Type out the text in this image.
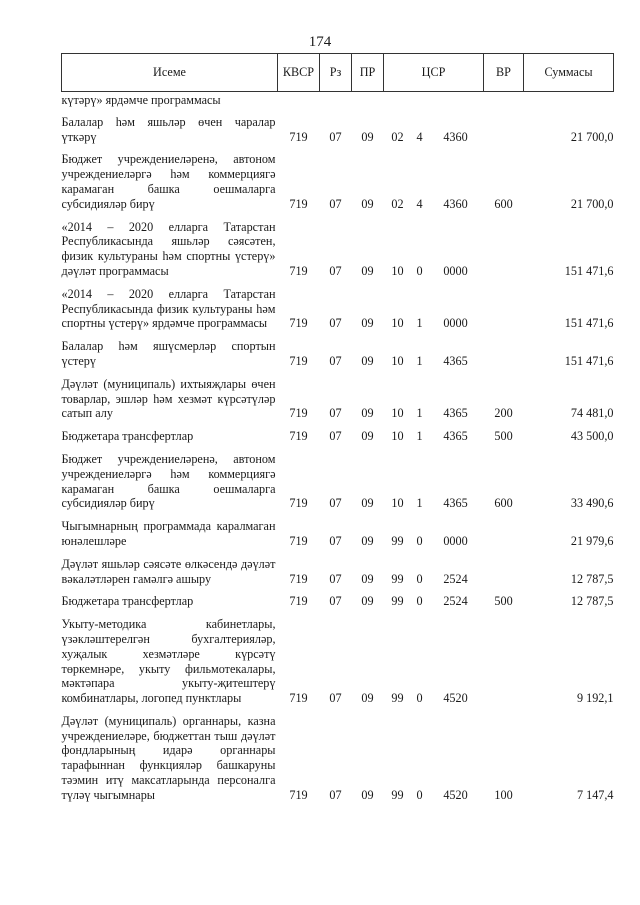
174
Исеме	КВСР	Рз	ПР	ЦСР			ВР	Суммасы
күтәрү» ярдәмче программасы								
Балалар һәм яшьләр өчен чаралар үткәрү	719	07	09	02	4	4360		21 700,0
Бюджет учреждениеләренә, автоном учреждениеләргә һәм коммерциягә карамаган башка оешмаларга субсидияләр бирү	719	07	09	02	4	4360	600	21 700,0
«2014 – 2020 елларга Татарстан Республикасында яшьләр сәясәтен, физик культураны һәм спортны үстерү» дәүләт программасы	719	07	09	10	0	0000		151 471,6
«2014 – 2020 елларга Татарстан Республикасында физик культураны һәм спортны үстерү» ярдәмче программасы	719	07	09	10	1	0000		151 471,6
Балалар һәм яшүсмерләр спортын үстерү	719	07	09	10	1	4365		151 471,6
Дәүләт (муниципаль) ихтыяҗлары өчен товарлар, эшләр һәм хезмәт күрсәтүләр сатып алу	719	07	09	10	1	4365	200	74 481,0
Бюджетара трансфертлар	719	07	09	10	1	4365	500	43 500,0
Бюджет учреждениеләренә, автоном учреждениеләргә һәм коммерциягә карамаган башка оешмаларга субсидияләр бирү	719	07	09	10	1	4365	600	33 490,6
Чыгымнарның программада каралмаган юнәлешләре	719	07	09	99	0	0000		21 979,6
Дәүләт яшьләр сәясәте өлкәсендә дәүләт вәкаләтләрен гамәлгә ашыру	719	07	09	99	0	2524		12 787,5
Бюджетара трансфертлар	719	07	09	99	0	2524	500	12 787,5
Укыту-методика кабинетлары, үзәкләштерелгән бухгалтерияләр, хуҗалык хезмәтләре күрсәтү төркемнәре, укыту фильмотекалары, мәктәпара укыту-җитештерү комбинатлары, логопед пунктлары	719	07	09	99	0	4520		9 192,1
Дәүләт (муниципаль) органнары, казна учреждениеләре, бюджеттан тыш дәүләт фондларының идарә органнары тарафыннан функцияләр башкаруны тәэмин итү максатларында персоналга түләү чыгымнары	719	07	09	99	0	4520	100	7 147,4
